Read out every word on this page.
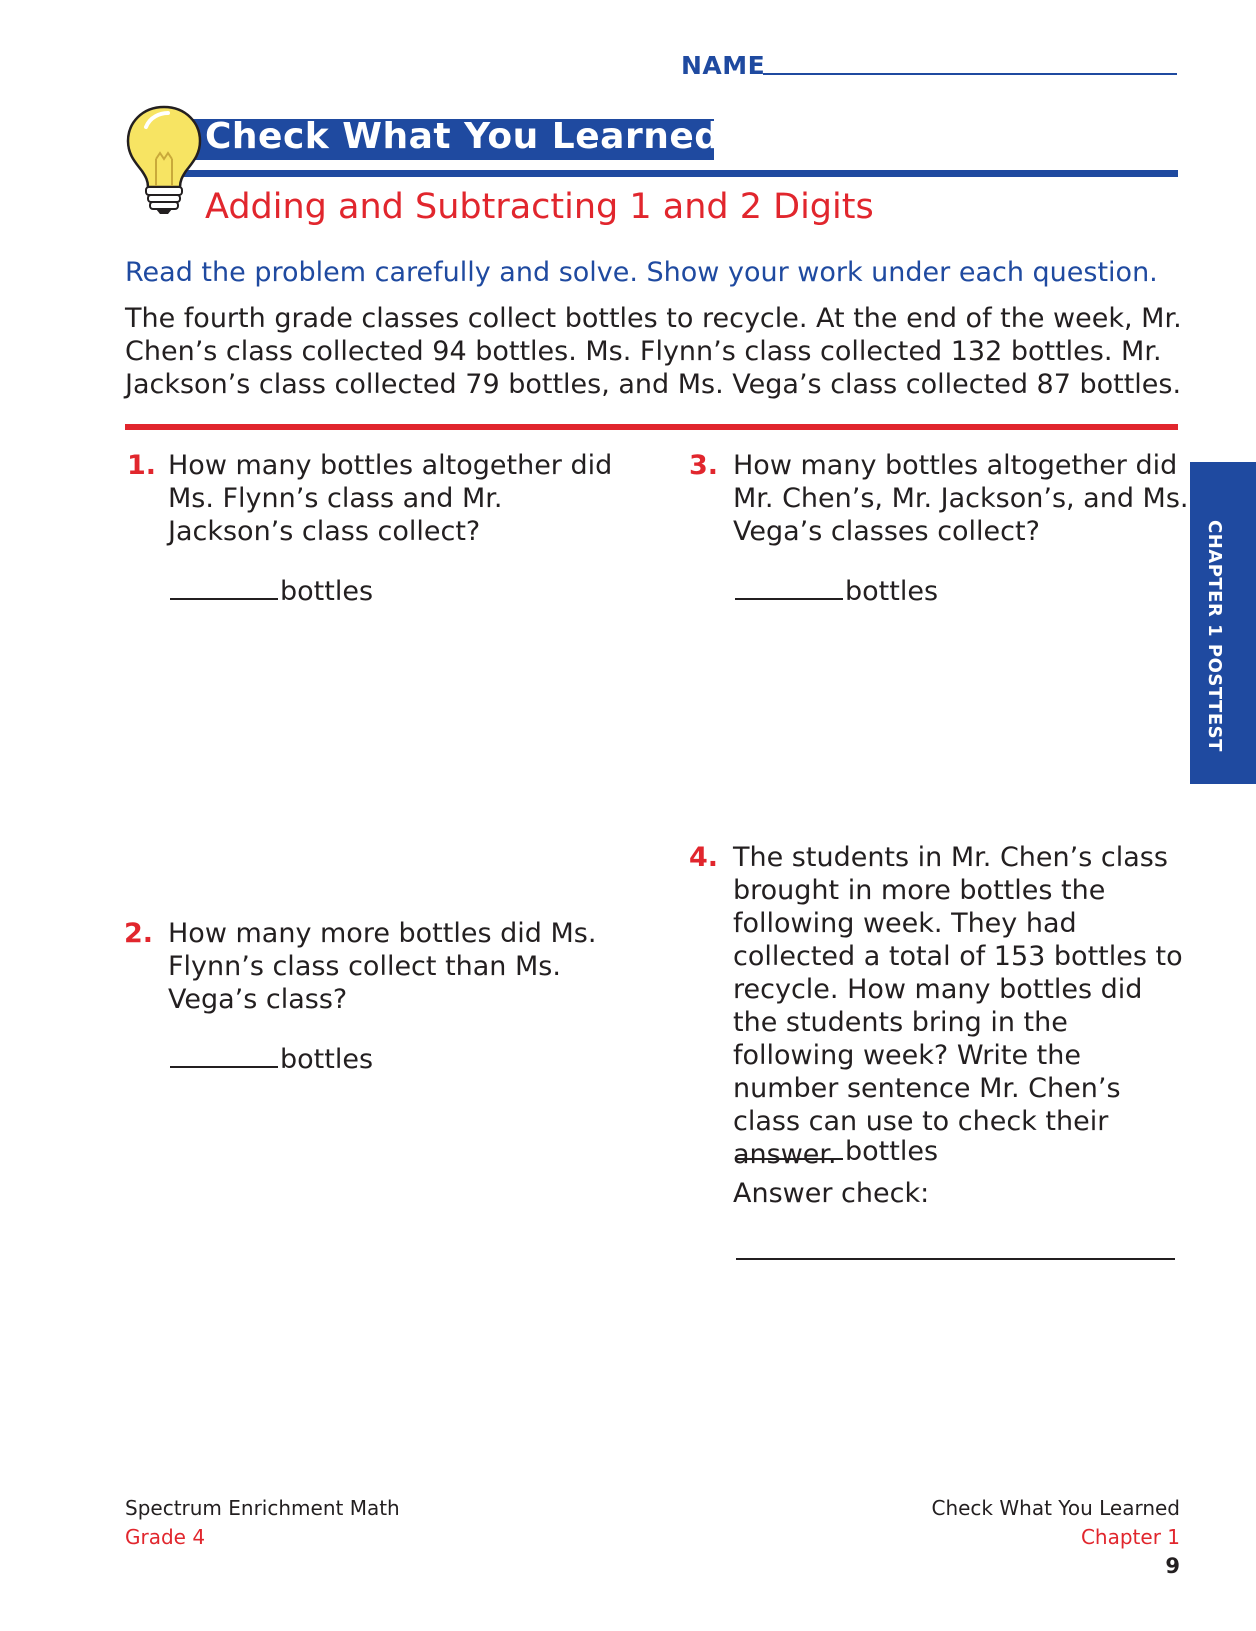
NAME
Check What You Learned
Adding and Subtracting 1 and 2 Digits
Read the problem carefully and solve. Show your work under each question.
The fourth grade classes collect bottles to recycle. At the end of the week, Mr. Chen’s class collected 94 bottles. Ms. Flynn’s class collected 132 bottles. Mr. Jackson’s class collected 79 bottles, and Ms. Vega’s class collected 87 bottles.
1. How many bottles altogether did Ms. Flynn’s class and Mr. Jackson’s class collect?
bottles
2. How many more bottles did Ms. Flynn’s class collect than Ms. Vega’s class?
bottles
3. How many bottles altogether did Mr. Chen’s, Mr. Jackson’s, and Ms. Vega’s classes collect?
bottles
4. The students in Mr. Chen’s class brought in more bottles the following week. They had collected a total of 153 bottles to recycle. How many bottles did the students bring in the following week? Write the number sentence Mr. Chen’s class can use to check their answer. bottles
Answer check:
CHAPTER 1 POSTTEST
Spectrum Enrichment Math
Grade 4
Check What You Learned
Chapter 1
9
